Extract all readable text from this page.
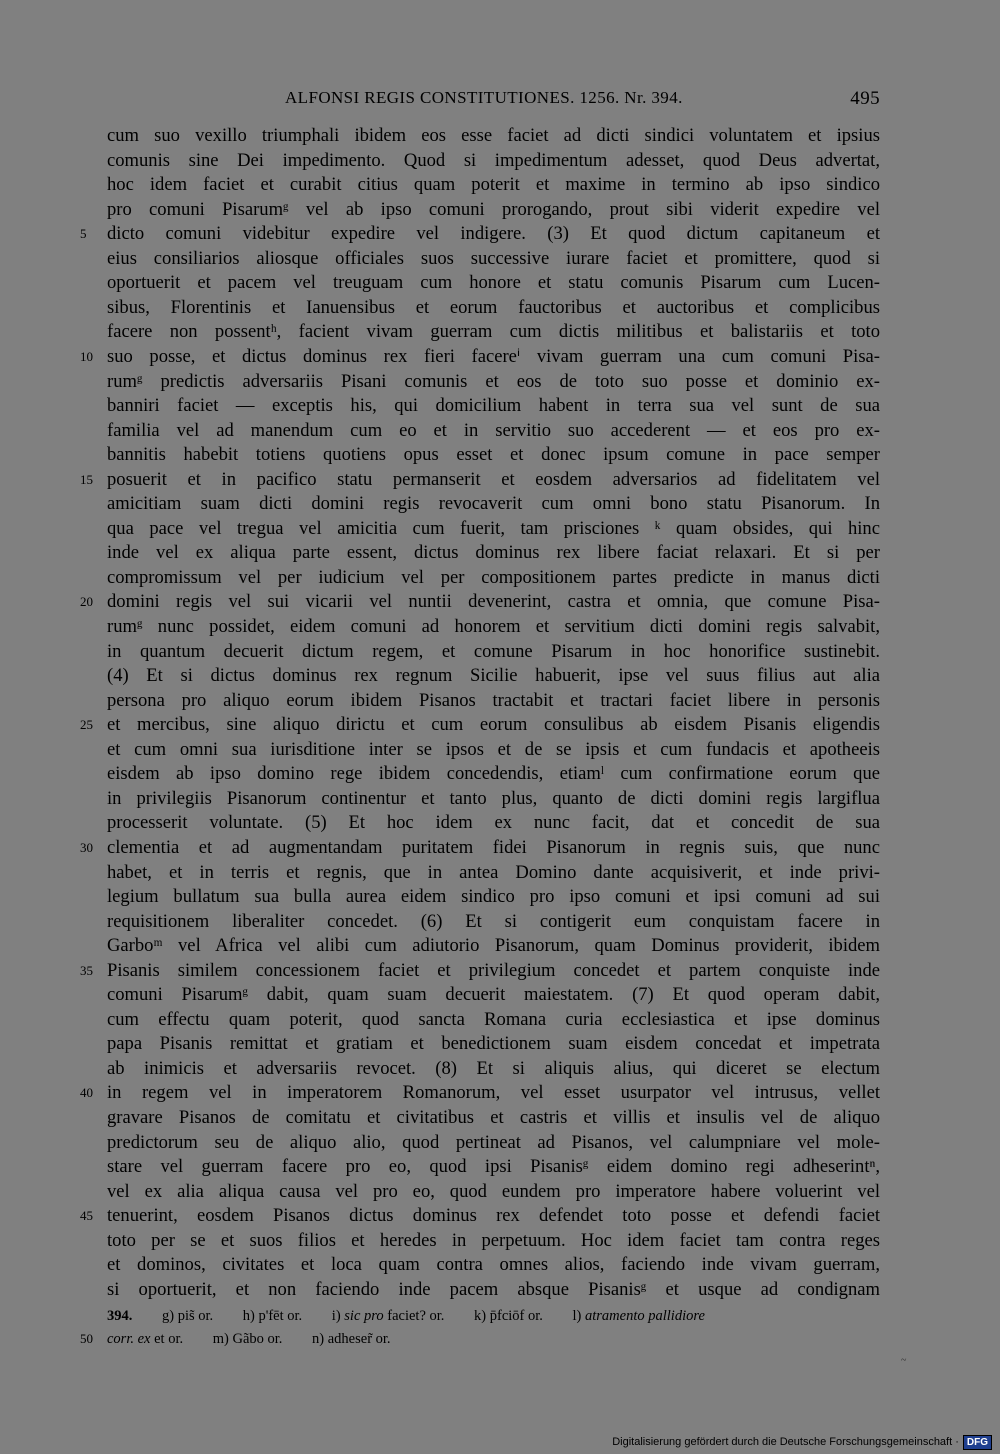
ALFONSI REGIS CONSTITUTIONES. 1256. Nr. 394.	495
cum suo vexillo triumphali ibidem eos esse faciet ad dicti sindici voluntatem et ipsius
comunis sine Dei impedimento. Quod si impedimentum adesset, quod Deus advertat,
hoc idem faciet et curabit citius quam poterit et maxime in termino ab ipso sindico
pro comuni Pisarumᵍ vel ab ipso comuni prorogando, prout sibi viderit expedire vel
dicto comuni videbitur expedire vel indigere. (3) Et quod dictum capitaneum et
5
eius consiliarios aliosque officiales suos successive iurare faciet et promittere, quod si
oportuerit et pacem vel treuguam cum honore et statu comunis Pisarum cum Lucen-
sibus, Florentinis et Ianuensibus et eorum fauctoribus et auctoribus et complicibus
facere non possentʰ, facient vivam guerram cum dictis militibus et balistariis et toto
suo posse, et dictus dominus rex fieri facereⁱ vivam guerram una cum comuni Pisa-
10
rumᵍ predictis adversariis Pisani comunis et eos de toto suo posse et dominio ex-
banniri faciet — exceptis his, qui domicilium habent in terra sua vel sunt de sua
familia vel ad manendum cum eo et in servitio suo accederent — et eos pro ex-
bannitis habebit totiens quotiens opus esset et donec ipsum comune in pace semper
posuerit et in pacifico statu permanserit et eosdem adversarios ad fidelitatem vel
15
amicitiam suam dicti domini regis revocaverit cum omni bono statu Pisanorum. In
qua pace vel tregua vel amicitia cum fuerit, tam prisciones ᵏ quam obsides, qui hinc
inde vel ex aliqua parte essent, dictus dominus rex libere faciat relaxari. Et si per
compromissum vel per iudicium vel per compositionem partes predicte in manus dicti
domini regis vel sui vicarii vel nuntii devenerint, castra et omnia, que comune Pisa-
20
rumᵍ nunc possidet, eidem comuni ad honorem et servitium dicti domini regis salvabit,
in quantum decuerit dictum regem, et comune Pisarum in hoc honorifice sustinebit.
(4) Et si dictus dominus rex regnum Sicilie habuerit, ipse vel suus filius aut alia
persona pro aliquo eorum ibidem Pisanos tractabit et tractari faciet libere in personis
et mercibus, sine aliquo dirictu et cum eorum consulibus ab eisdem Pisanis eligendis
25
et cum omni sua iurisditione inter se ipsos et de se ipsis et cum fundacis et apotheeis
eisdem ab ipso domino rege ibidem concedendis, etiamˡ cum confirmatione eorum que
in privilegiis Pisanorum continentur et tanto plus, quanto de dicti domini regis largiflua
processerit voluntate. (5) Et hoc idem ex nunc facit, dat et concedit de sua
clementia et ad augmentandam puritatem fidei Pisanorum in regnis suis, que nunc
30
habet, et in terris et regnis, que in antea Domino dante acquisiverit, et inde privi-
legium bullatum sua bulla aurea eidem sindico pro ipso comuni et ipsi comuni ad sui
requisitionem liberaliter concedet. (6) Et si contigerit eum conquistam facere in
Garboᵐ vel Africa vel alibi cum adiutorio Pisanorum, quam Dominus providerit, ibidem
Pisanis similem concessionem faciet et privilegium concedet et partem conquiste inde
35
comuni Pisarumᵍ dabit, quam suam decuerit maiestatem. (7) Et quod operam dabit,
cum effectu quam poterit, quod sancta Romana curia ecclesiastica et ipse dominus
papa Pisanis remittat et gratiam et benedictionem suam eisdem concedat et impetrata
ab inimicis et adversariis revocet. (8) Et si aliquis alius, qui diceret se electum
in regem vel in imperatorem Romanorum, vel esset usurpator vel intrusus, vellet
40
gravare Pisanos de comitatu et civitatibus et castris et villis et insulis vel de aliquo
predictorum seu de aliquo alio, quod pertineat ad Pisanos, vel calumpniare vel mole-
stare vel guerram facere pro eo, quod ipsi Pisanisᵍ eidem domino regi adheserintⁿ,
vel ex alia aliqua causa vel pro eo, quod eundem pro imperatore habere voluerint vel
tenuerint, eosdem Pisanos dictus dominus rex defendet toto posse et defendi faciet
45
toto per se et suos filios et heredes in perpetuum. Hoc idem faciet tam contra reges
et dominos, civitates et loca quam contra omnes alios, faciendo inde vivam guerram,
si oportuerit, et non faciendo inde pacem absque Pisanisᵍ et usque ad condignam
394. g) pis̃ or. h) p'fēt or. i) sic pro faciet? or. k) p̄fciōf or. l) atramento pallidiore
50 corr. ex et or. m) Gãbo or. n) adheser̃ or.
~
Digitalisierung gefördert durch die Deutsche Forschungsgemeinschaft · DFG
